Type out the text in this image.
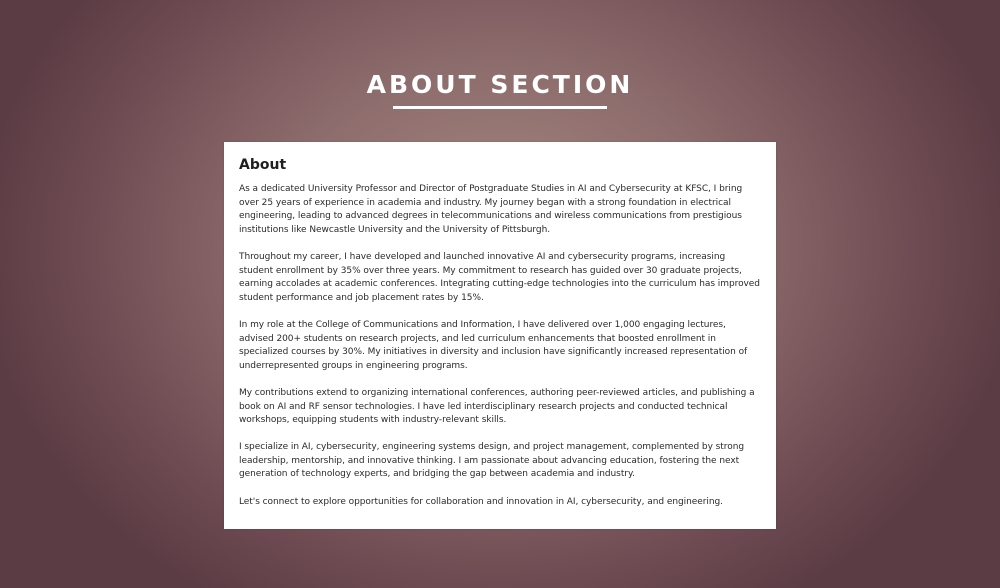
ABOUT SECTION
About

As a dedicated University Professor and Director of Postgraduate Studies in AI and Cybersecurity at KFSC, I bring over 25 years of experience in academia and industry. My journey began with a strong foundation in electrical engineering, leading to advanced degrees in telecommunications and wireless communications from prestigious institutions like Newcastle University and the University of Pittsburgh.

Throughout my career, I have developed and launched innovative AI and cybersecurity programs, increasing student enrollment by 35% over three years. My commitment to research has guided over 30 graduate projects, earning accolades at academic conferences. Integrating cutting-edge technologies into the curriculum has improved student performance and job placement rates by 15%.

In my role at the College of Communications and Information, I have delivered over 1,000 engaging lectures, advised 200+ students on research projects, and led curriculum enhancements that boosted enrollment in specialized courses by 30%. My initiatives in diversity and inclusion have significantly increased representation of underrepresented groups in engineering programs.

My contributions extend to organizing international conferences, authoring peer-reviewed articles, and publishing a book on AI and RF sensor technologies. I have led interdisciplinary research projects and conducted technical workshops, equipping students with industry-relevant skills.

I specialize in AI, cybersecurity, engineering systems design, and project management, complemented by strong leadership, mentorship, and innovative thinking. I am passionate about advancing education, fostering the next generation of technology experts, and bridging the gap between academia and industry.

Let's connect to explore opportunities for collaboration and innovation in AI, cybersecurity, and engineering.
